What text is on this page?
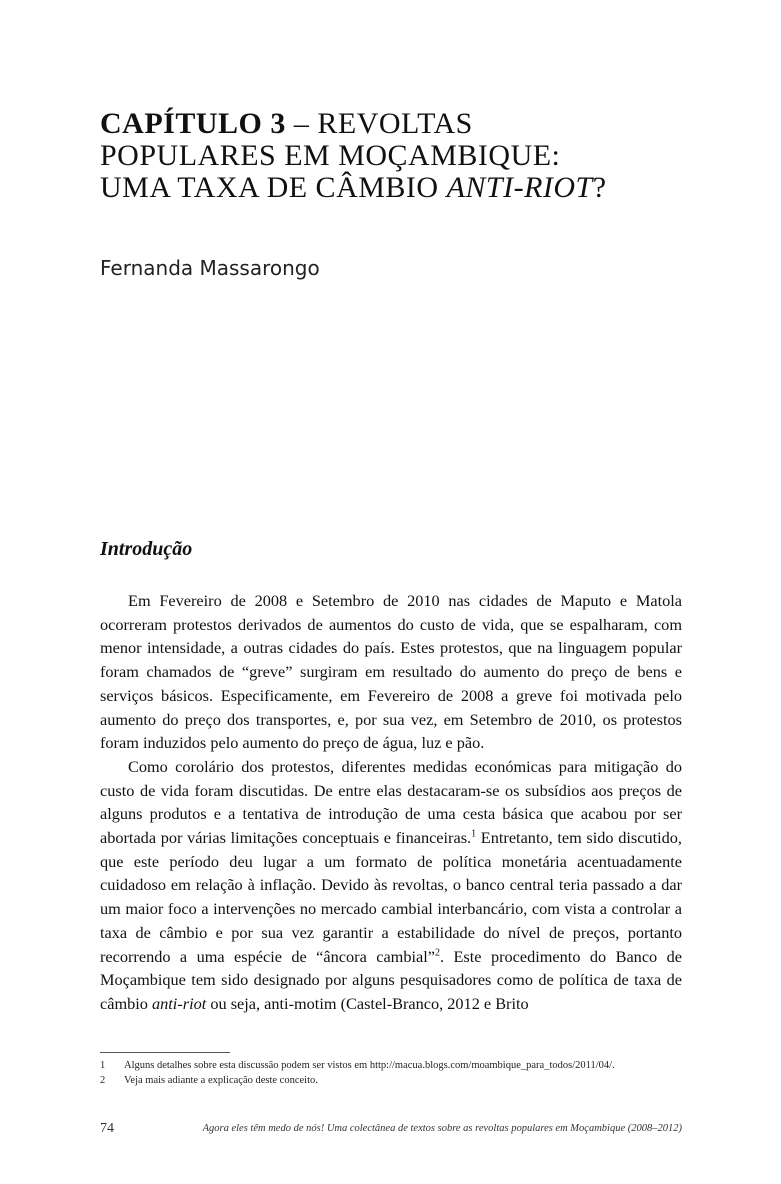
CAPÍTULO 3 – REVOLTAS
POPULARES EM MOÇAMBIQUE:
UMA TAXA DE CÂMBIO ANTI-RIOT?
Fernanda Massarongo
Introdução

Em Fevereiro de 2008 e Setembro de 2010 nas cidades de Maputo e Matola ocorreram protestos derivados de aumentos do custo de vida, que se espalharam, com menor intensidade, a outras cidades do país. Estes protestos, que na linguagem popular foram chamados de “greve” surgiram em resultado do aumento do preço de bens e serviços básicos. Especificamente, em Fevereiro de 2008 a greve foi motivada pelo aumento do preço dos transportes, e, por sua vez, em Setembro de 2010, os protestos foram induzidos pelo aumento do preço de água, luz e pão.

Como corolário dos protestos, diferentes medidas económicas para mitigação do custo de vida foram discutidas. De entre elas destacaram-se os subsídios aos preços de alguns produtos e a tentativa de introdução de uma cesta básica que acabou por ser abortada por várias limitações conceptuais e financeiras.$^1$ Entretanto, tem sido discutido, que este período deu lugar a um formato de política monetária acentuadamente cuidadoso em relação à inflação. Devido às revoltas, o banco central teria passado a dar um maior foco a intervenções no mercado cambial interbancário, com vista a controlar a taxa de câmbio e por sua vez garantir a estabilidade do nível de preços, portanto recorrendo a uma espécie de “âncora cambial”$^2$. Este procedimento do Banco de Moçambique tem sido designado por alguns pesquisadores como de política de taxa de câmbio anti-riot ou seja, anti-motim (Castel-Branco, 2012 e Brito

1 Alguns detalhes sobre esta discussão podem ser vistos em http://macua.blogs.com/moambique_para_todos/2011/04/.
2 Veja mais adiante a explicação deste conceito.
74	Agora eles têm medo de nós! Uma colectânea de textos sobre as revoltas populares em Moçambique (2008–2012)
